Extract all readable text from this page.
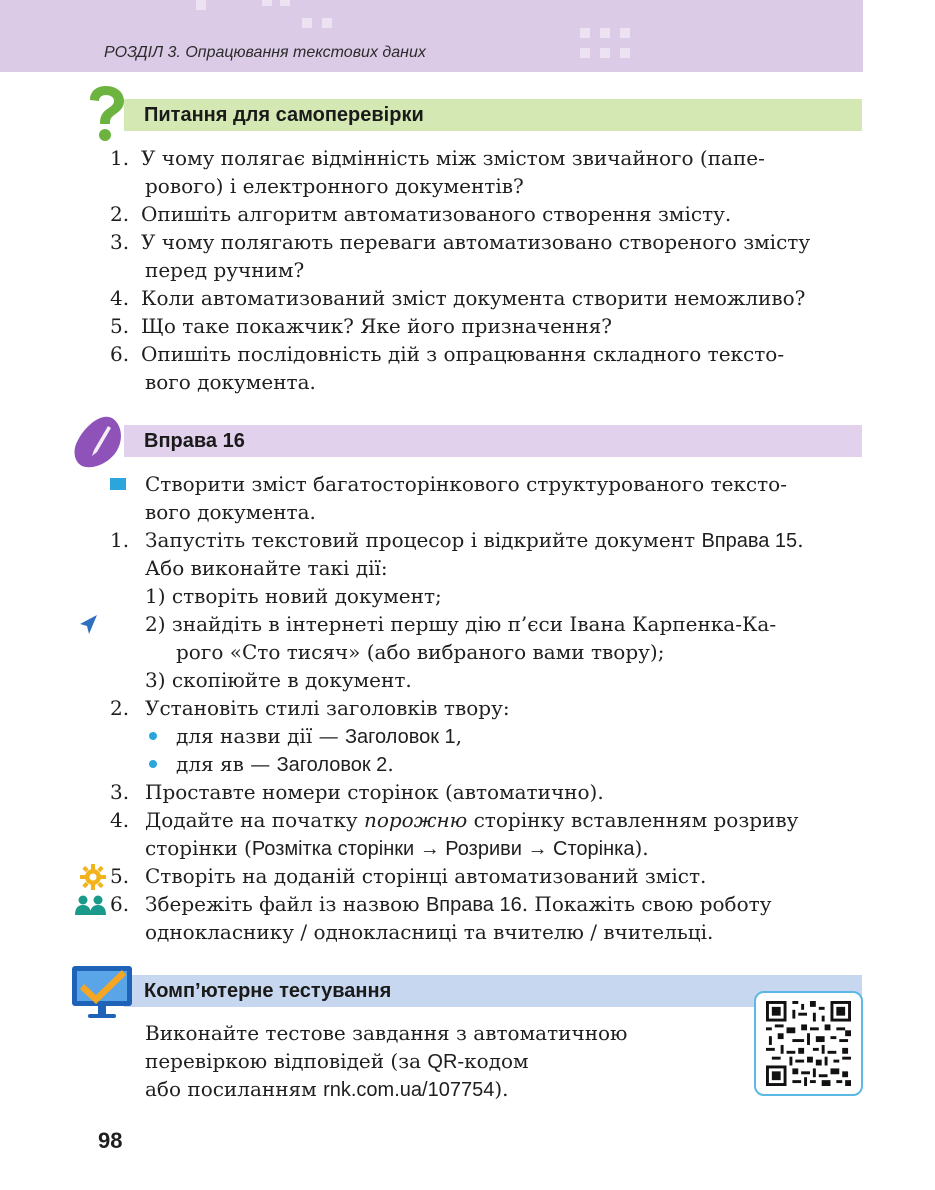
РОЗДІЛ 3. Опрацювання текстових даних
Питання для самоперевірки
1. У чому полягає відмінність між змістом звичайного (папе-
рового) і електронного документів?
2. Опишіть алгоритм автоматизованого створення змісту.
3. У чому полягають переваги автоматизовано створеного змісту
перед ручним?
4. Коли автоматизований зміст документа створити неможливо?
5. Що таке покажчик? Яке його призначення?
6. Опишіть послідовність дій з опрацювання складного тексто-
вого документа.
Вправа 16
Створити зміст багатосторінкового структурованого тексто-
вого документа.
1. Запустіть текстовий процесор і відкрийте документ Вправа 15.
Або виконайте такі дії:
1) створіть новий документ;
2) знайдіть в інтернеті першу дію п’єси Івана Карпенка-Ка-
рого «Сто тисяч» (або вибраного вами твору);
3) скопіюйте в документ.
2. Установіть стилі заголовків твору:
для назви дії — Заголовок 1,
для яв — Заголовок 2.
3. Проставте номери сторінок (автоматично).
4. Додайте на початку порожню сторінку вставленням розриву
сторінки (Розмітка сторінки → Розриви → Сторінка).
5. Створіть на доданій сторінці автоматизований зміст.
6. Збережіть файл із назвою Вправа 16. Покажіть свою роботу
однокласнику / однокласниці та вчителю / вчительці.
Комп’ютерне тестування
Виконайте тестове завдання з автоматичною
перевіркою відповідей (за QR-кодом
або посиланням rnk.com.ua/107754).
98
